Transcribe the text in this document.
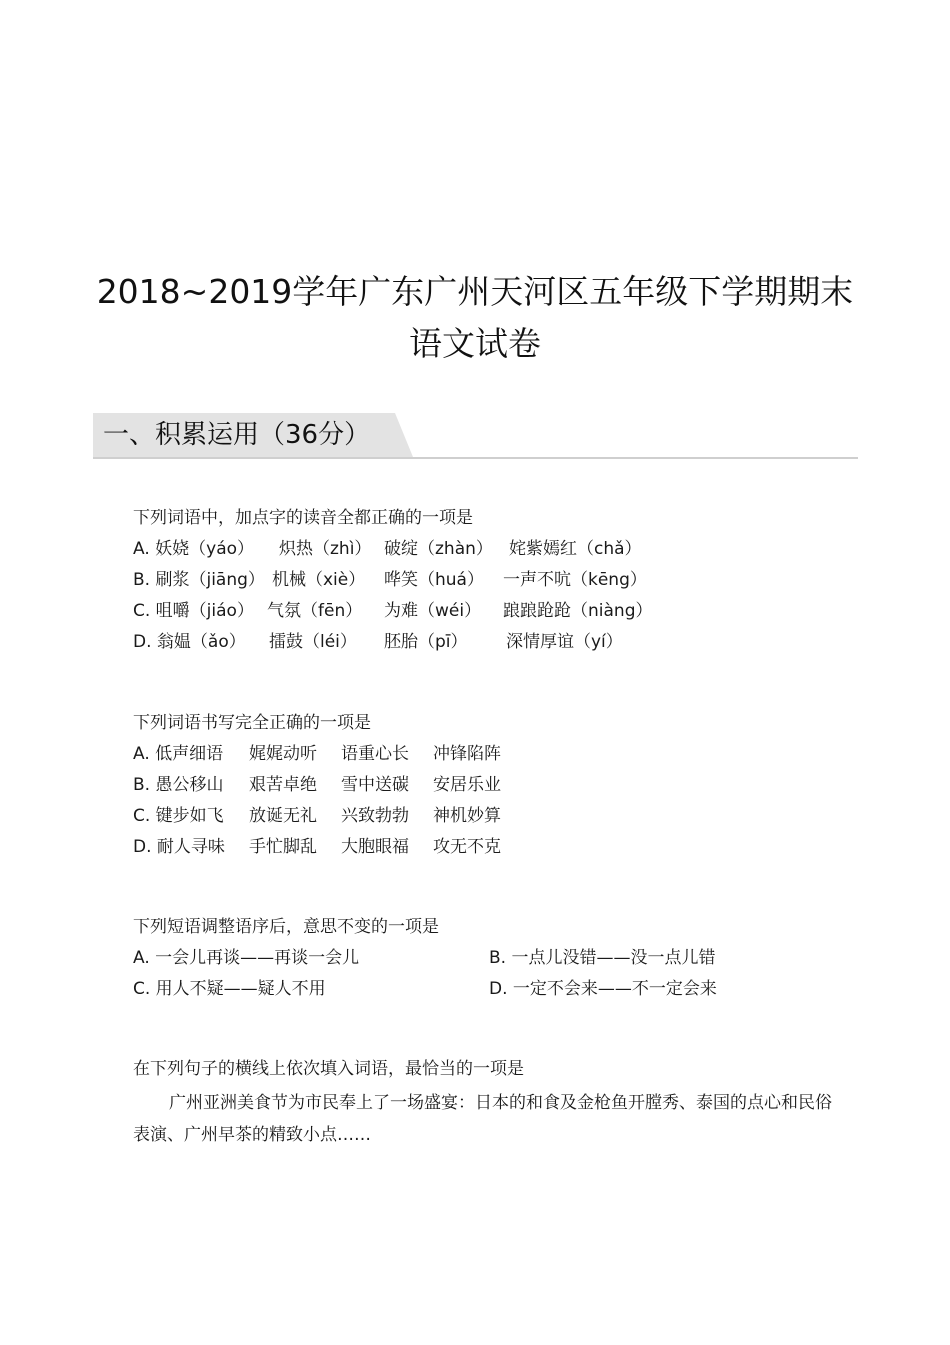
2018~2019学年广东广州天河区五年级下学期期末
语文试卷
一、积累运用（36分）
下列词语中，加点字的读音全都正确的一项是
A. 妖娆（yáo） 炽热（zhì） 破绽（zhàn） 姹紫嫣红（chǎ）
B. 刷浆（jiāng） 机械（xiè） 哗笑（huá） 一声不吭（kēng）
C. 咀嚼（jiáo） 气氛（fēn） 为难（wéi） 踉踉跄跄（niàng）
D. 翁媪（ǎo） 擂鼓（léi） 胚胎（pī） 深情厚谊（yí）
下列词语书写完全正确的一项是
A. 低声细语 娓娓动听 语重心长 冲锋陷阵
B. 愚公移山 艰苦卓绝 雪中送碳 安居乐业
C. 键步如飞 放诞无礼 兴致勃勃 神机妙算
D. 耐人寻味 手忙脚乱 大胞眼福 攻无不克
下列短语调整语序后，意思不变的一项是
A. 一会儿再谈——再谈一会儿	B. 一点儿没错——没一点儿错
C. 用人不疑——疑人不用	D. 一定不会来——不一定会来
在下列句子的横线上依次填入词语，最恰当的一项是
广州亚洲美食节为市民奉上了一场盛宴：日本的和食及金枪鱼开膛秀、泰国的点心和民俗表演、广州早茶的精致小点……
